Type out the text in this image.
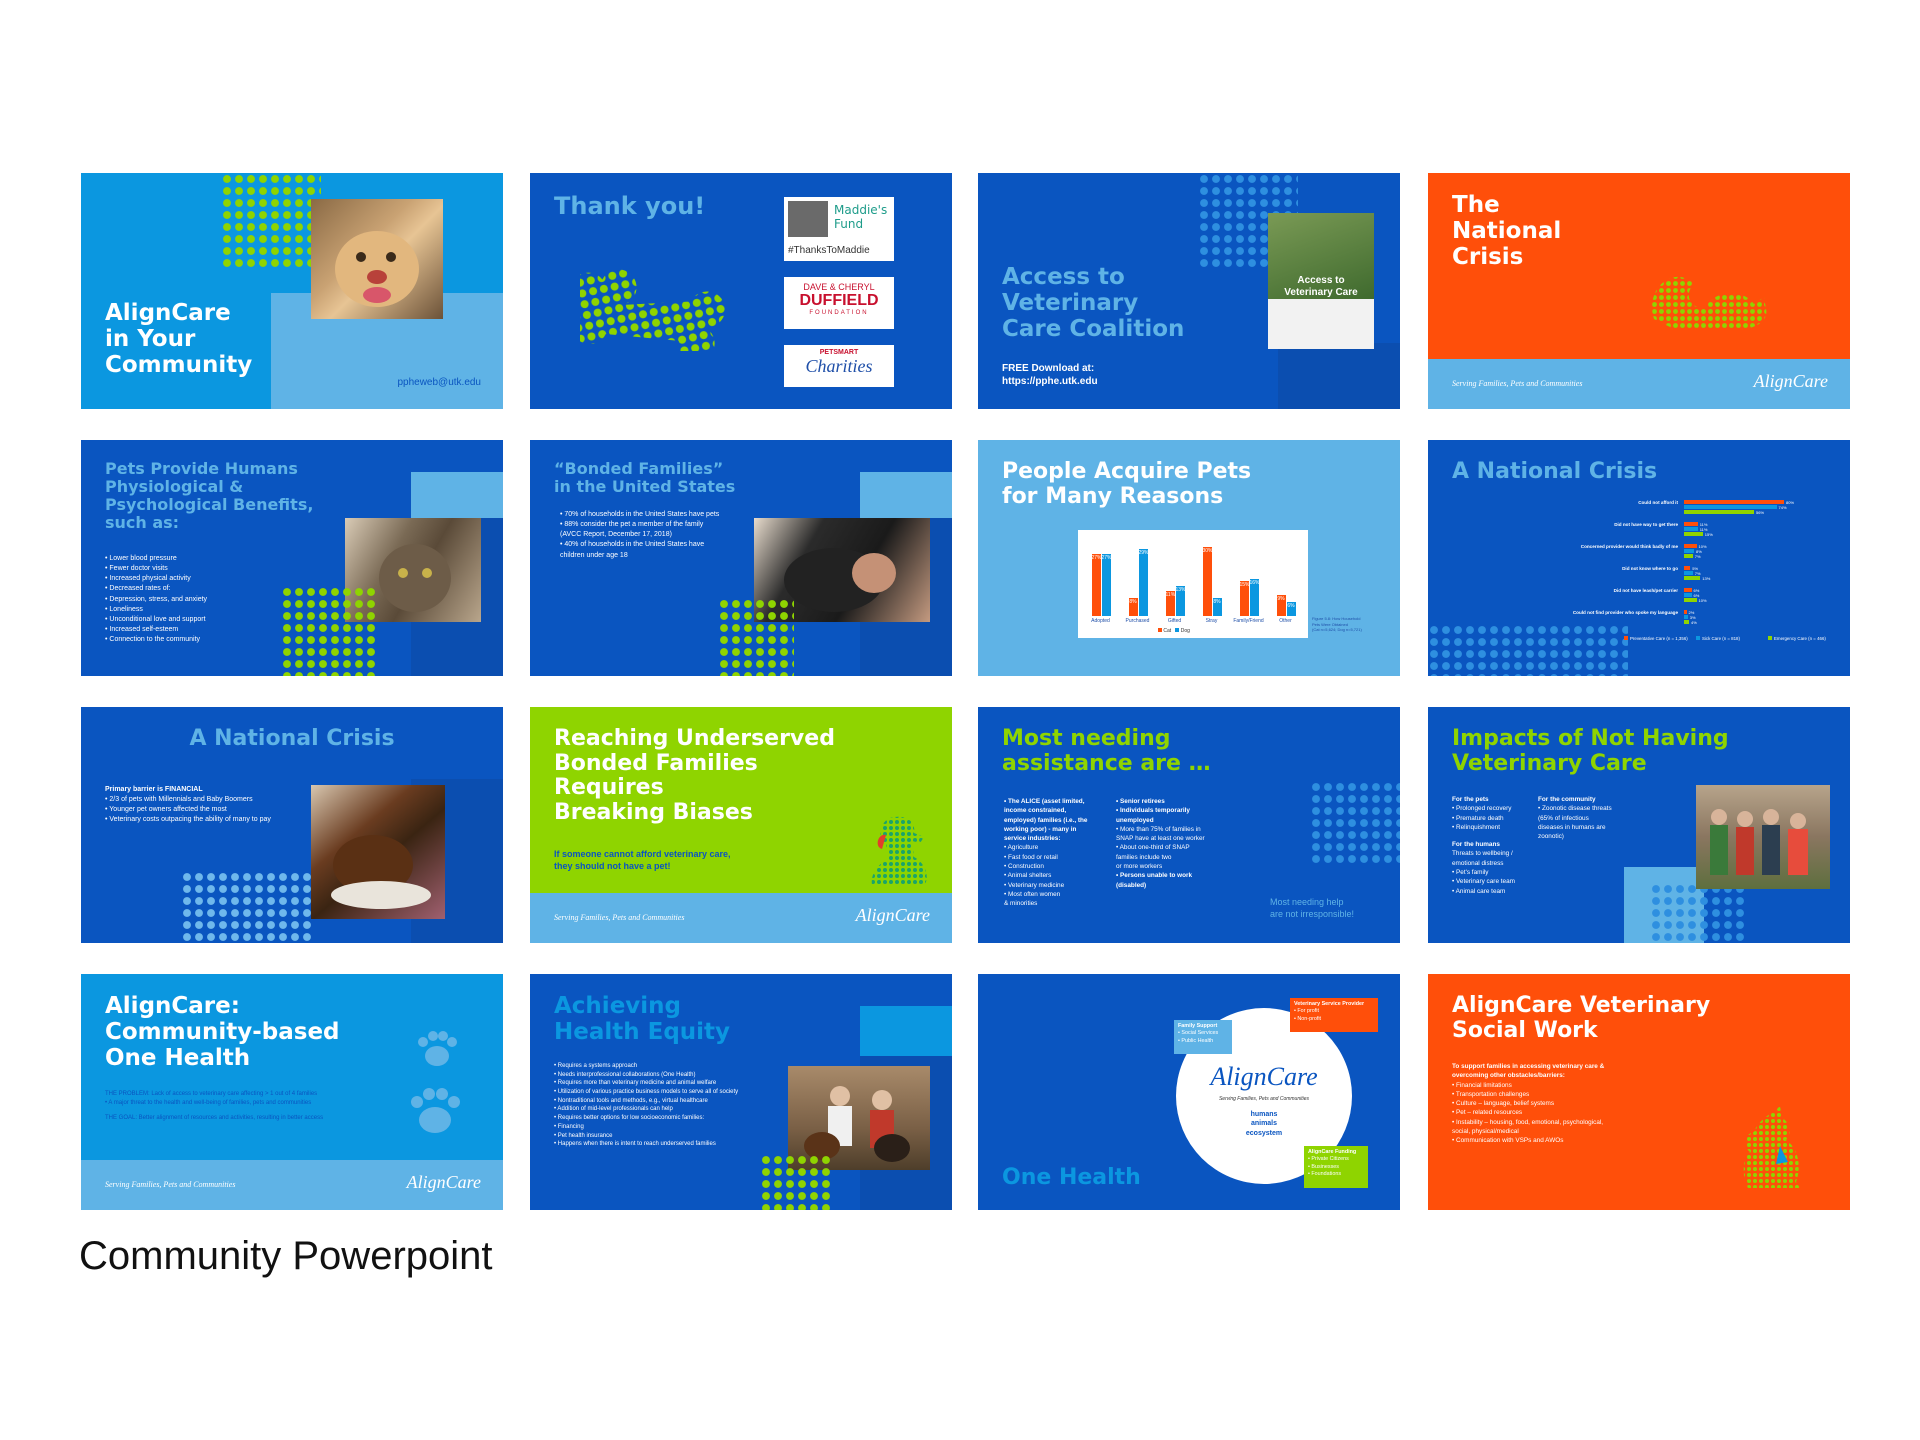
AlignCare
in Your
Community
ppheweb@utk.edu
Thank you!	Maddie's
Fund
#ThanksToMaddie
DAVE & CHERYL
DUFFIELD
FOUNDATION
PETSMART
Charities
Access to
Veterinary Care
Access to
Veterinary
Care Coalition
FREE Download at:
https://pphe.utk.edu
The
National
Crisis
Serving Families, Pets and Communities	AlignCare
Pets Provide Humans
Physiological &
Psychological Benefits,
such as:
• Lower blood pressure
• Fewer doctor visits
• Increased physical activity
• Decreased rates of:
• Depression, stress, and anxiety
• Loneliness
• Unconditional love and support
• Increased self-esteem
• Connection to the community
“Bonded Families”
in the United States
• 70% of households in the United States have pets
• 88% consider the pet a member of the family
(AVCC Report, December 17, 2018)
• 40% of households in the United States have
children under age 18
People Acquire Pets
for Many Reasons
27% 27%
8%
29%
11%
13%
30%
8%
15% 16%
9%
6%
Adopted	Purchased	Gifted	Stray	Family/Friend	Other
Cat Dog
Figure 5.8: How Household
Pets Were Obtained
(Cat n=5,624; Dog n=5,721)
A National Crisis
Could not afford it	80%
74%
56%
Did not have way to get there	11%
11%
15%
Concerned provider would think badly of me	10%
8%
7%
Did not know where to go	5%
7%
13%
Did not have leash/pet carrier	6%
6%
10%
Could not find provider who spoke my language	2%
3%
4%
Preventative Care (n = 1,356)	Sick Care (n = 818)	Emergency Care (n = 466)
A National Crisis
Primary barrier is FINANCIAL
• 2/3 of pets with Millennials and Baby Boomers
• Younger pet owners affected the most
• Veterinary costs outpacing the ability of many to pay
Reaching Underserved
Bonded Families
Requires
Breaking Biases
If someone cannot afford veterinary care,
they should not have a pet!
Serving Families, Pets and Communities	AlignCare
Most needing
assistance are …
• The ALICE (asset limited,
income constrained,
employed) families (i.e., the
working poor) - many in
service industries:
• Agriculture
• Fast food or retail
• Construction
• Animal shelters
• Veterinary medicine
• Most often women
& minorities
• Senior retirees
• Individuals temporarily
unemployed
• More than 75% of families in
SNAP have at least one worker
• About one-third of SNAP
families include two
or more workers
• Persons unable to work
(disabled)
Most needing help
are not irresponsible!
Impacts of Not Having
Veterinary Care
For the pets
• Prolonged recovery
• Premature death
• Relinquishment
For the humans
Threats to wellbeing /
emotional distress
• Pet's family
• Veterinary care team
• Animal care team
For the community
• Zoonotic disease threats
(65% of infectious
diseases in humans are
zoonotic)
AlignCare:
Community-based
One Health
THE PROBLEM: Lack of access to veterinary care affecting > 1 out of 4 families
• A major threat to the health and well-being of families, pets and communities
THE GOAL: Better alignment of resources and activities, resulting in better access
Serving Families, Pets and Communities	AlignCare
Achieving
Health Equity
• Requires a systems approach
• Needs interprofessional collaborations (One Health)
• Requires more than veterinary medicine and animal welfare
• Utilization of various practice business models to serve all of society
• Nontraditional tools and methods, e.g., virtual healthcare
• Addition of mid-level professionals can help
• Requires better options for low socioeconomic families:
• Financing
• Pet health insurance
• Happens when there is intent to reach underserved families
AlignCare
Serving Families, Pets and Communities
humans
animals
ecosystem
Family Support
• Social Services
• Public Health
Veterinary Service Provider
• For profit
• Non-profit
AlignCare Funding
• Private Citizens
• Businesses
• Foundations
One Health
AlignCare Veterinary
Social Work
To support families in accessing veterinary care &
overcoming other obstacles/barriers:
• Financial limitations
• Transportation challenges
• Culture – language, belief systems
• Pet – related resources
• Instability – housing, food, emotional, psychological,
social, physical/medical
• Communication with VSPs and AWOs
Community Powerpoint
